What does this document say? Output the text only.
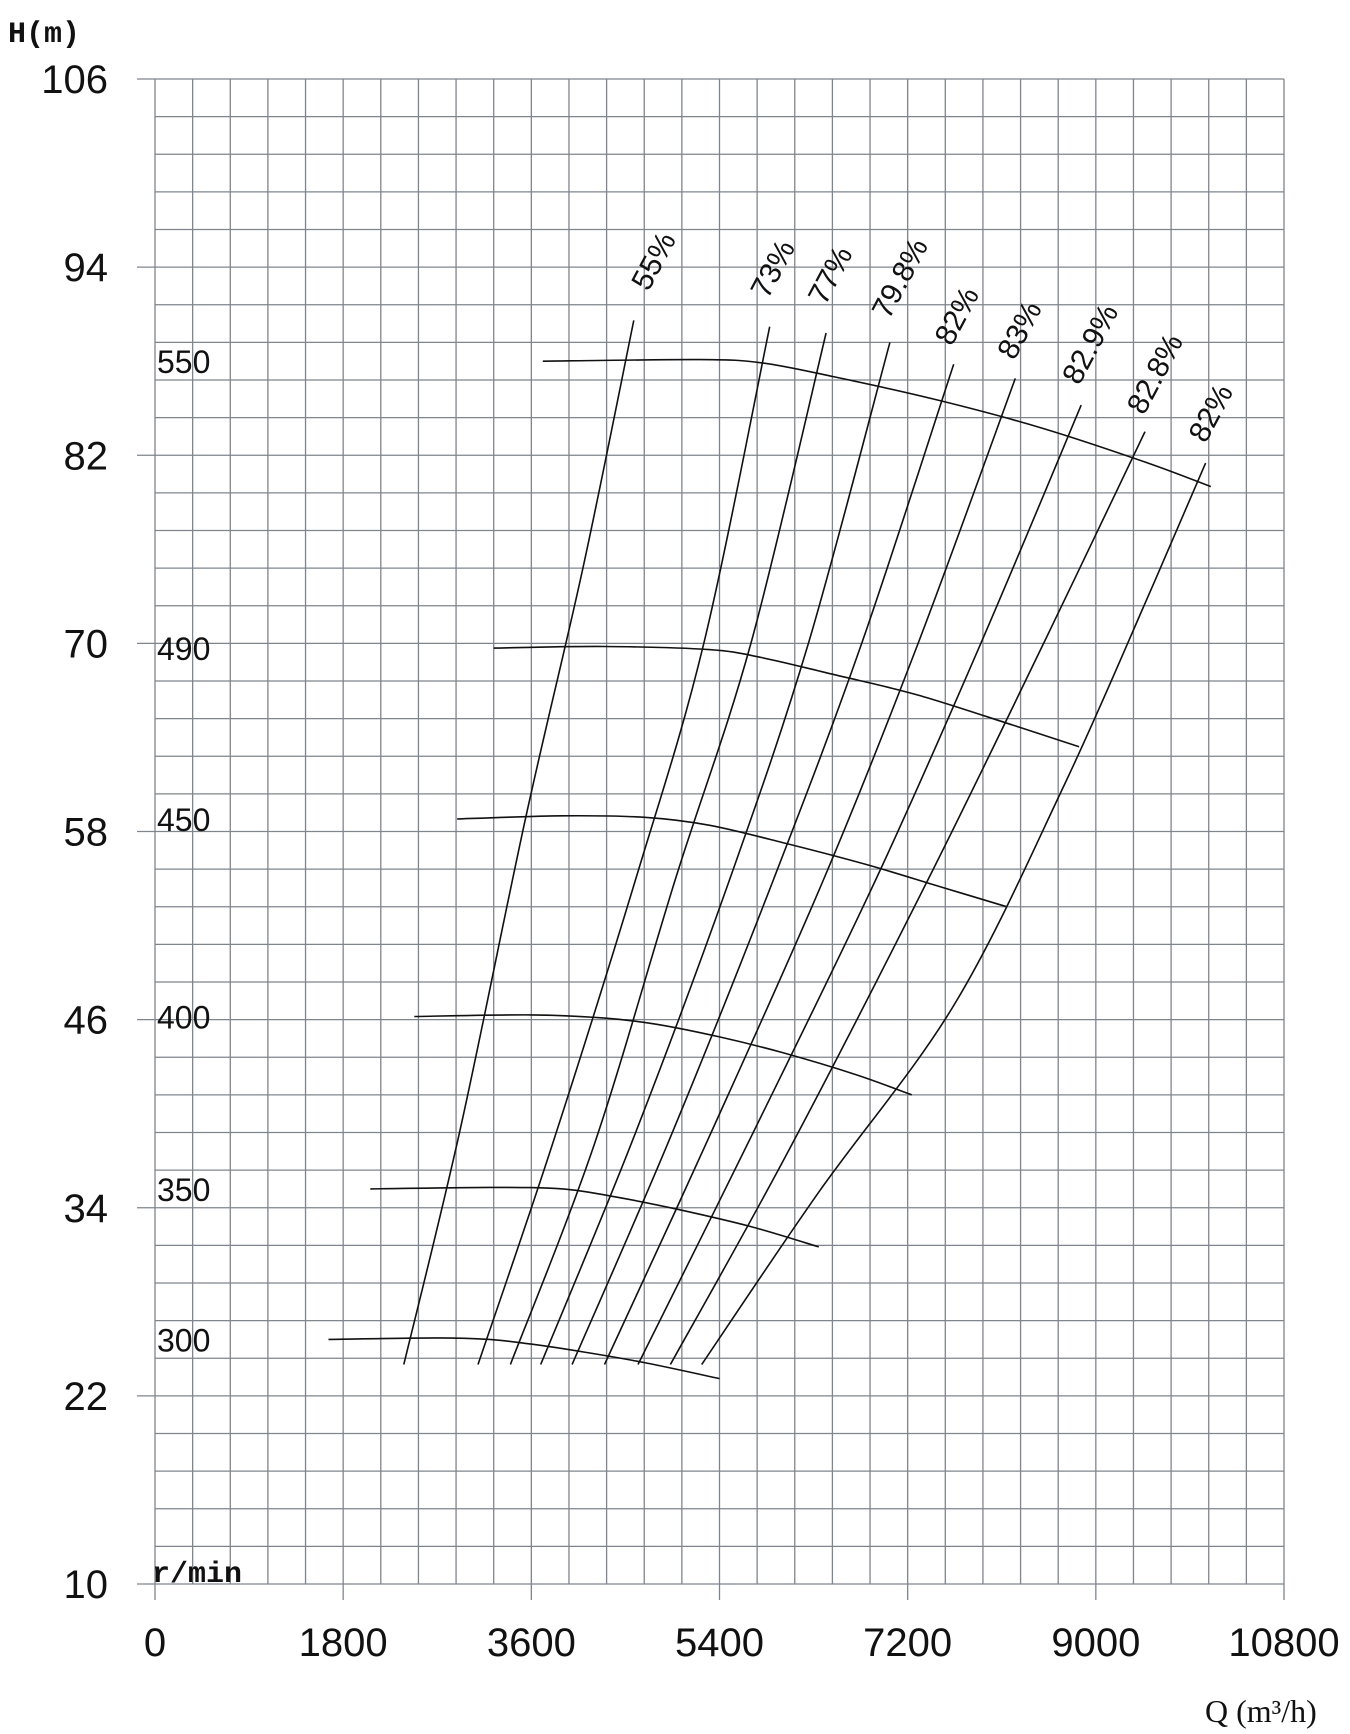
550
490
450
400
350
300
55% 73% 77% 79.8%
82% 83% 82.9%
82.8%
82%
0	1800 3600 5400 7200 9000 10800
10
22
34
46
58
70
82
94
106
H(m)
r/min
Q (m³/h)
